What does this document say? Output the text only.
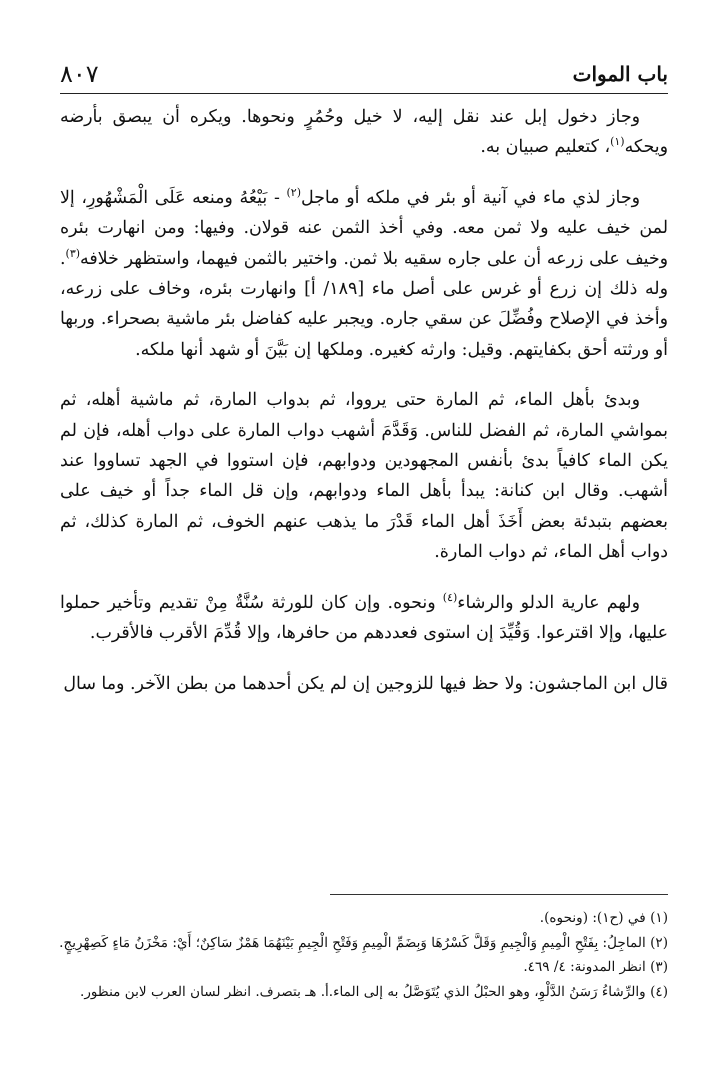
٨٠٧	باب الموات

وجاز دخول إبل عند نقل إليه، لا خيل وحُمُرٍ ونحوها. ويكره أن يبصق بأرضه ويحكه$^{(١)}$، كتعليم صبيان به.

وجاز لذي ماء في آنية أو بئر في ملكه أو ماجل$^{(٢)}$ - بَيْعُهُ ومنعه عَلَى الْمَشْهُورِ، إلا لمن خيف عليه ولا ثمن معه. وفي أخذ الثمن عنه قولان. وفيها: ومن انهارت بئره وخيف على زرعه أن على جاره سقيه بلا ثمن. واختير بالثمن فيهما، واستظهر خلافه$^{(٣)}$. وله ذلك إن زرع أو غرس على أصل ماء [١٨٩/ أ] وانهارت بئره، وخاف على زرعه، وأخذ في الإصلاح وفُضِّلَ عن سقي جاره. ويجبر عليه كفاضل بئر ماشية بصحراء. وربها أو ورثته أحق بكفايتهم. وقيل: وارثه كغيره. وملكها إن بَيَّنَ أو شهد أنها ملكه.

وبدئ بأهل الماء، ثم المارة حتى يرووا، ثم بدواب المارة، ثم ماشية أهله، ثم بمواشي المارة، ثم الفضل للناس. وَقَدَّمَ أشهب دواب المارة على دواب أهله، فإن لم يكن الماء كافياً بدئ بأنفس المجهودين ودوابهم، فإن استووا في الجهد تساووا عند أشهب. وقال ابن كنانة: يبدأ بأهل الماء ودوابهم، وإن قل الماء جداً أو خيف على بعضهم بتبدئة بعض أَخَذَ أهل الماء قَدْرَ ما يذهب عنهم الخوف، ثم المارة كذلك، ثم دواب أهل الماء، ثم دواب المارة.

ولهم عارية الدلو والرشاء$^{(٤)}$ ونحوه. وإن كان للورثة سُنَّةٌ مِنْ تقديم وتأخير حملوا عليها، وإلا اقترعوا. وَقُيِّدَ إن استوى فعددهم من حافرها، وإلا قُدِّمَ الأقرب فالأقرب.

قال ابن الماجشون: ولا حظ فيها للزوجين إن لم يكن أحدهما من بطن الآخر. وما سال

(١) في (ح١): (ونحوه).

(٢) الماجِلُ: بِفَتْحِ الْمِيمِ وَالْجِيمِ وَقَلَّ كَسْرُهَا وَبِضَمِّ الْمِيمِ وَفَتْحِ الْجِيمِ بَيْنَهُمَا هَمْزٌ سَاكِنٌ؛ أَيْ: مَخْزَنُ مَاءٍ كَصِهْرِيجٍ.

(٣) انظر المدونة: ٤/ ٤٦٩.

(٤) والرِّشاءُ رَسَنُ الدَّلْوِ، وهو الحبْلُ الذي يُتَوَصَّلُ به إلى الماء.أ. هـ بتصرف. انظر لسان العرب لابن منظور.
